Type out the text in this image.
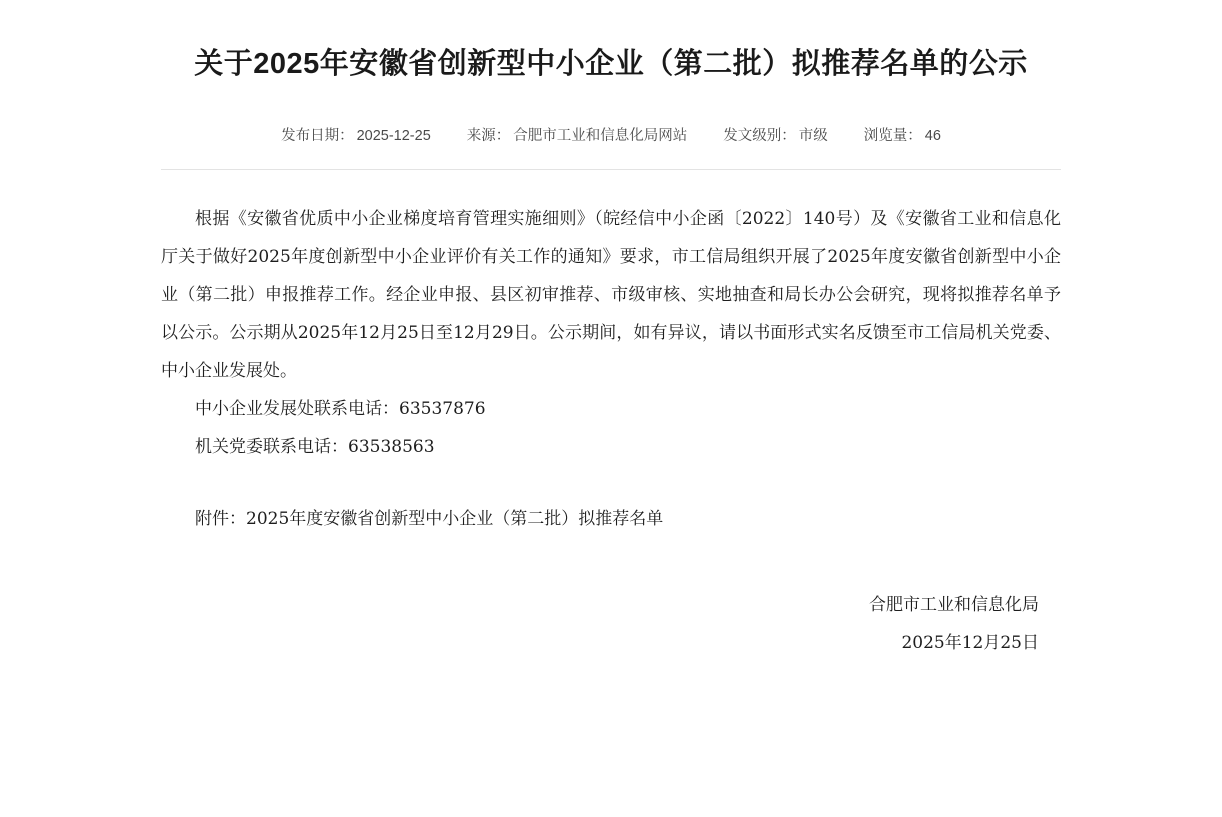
关于2025年安徽省创新型中小企业（第二批）拟推荐名单的公示
发布日期： 2025-12-25 来源： 合肥市工业和信息化局网站 发文级别： 市级 浏览量： 46

根据《安徽省优质中小企业梯度培育管理实施细则》（皖经信中小企函〔2022〕140号）及《安徽省工业和信息化厅关于做好2025年度创新型中小企业评价有关工作的通知》要求，市工信局组织开展了2025年度安徽省创新型中小企业（第二批）申报推荐工作。经企业申报、县区初审推荐、市级审核、实地抽查和局长办公会研究，现将拟推荐名单予以公示。公示期从2025年12月25日至12月29日。公示期间，如有异议，请以书面形式实名反馈至市工信局机关党委、中小企业发展处。

中小企业发展处联系电话：63537876

机关党委联系电话：63538563

附件：2025年度安徽省创新型中小企业（第二批）拟推荐名单

合肥市工业和信息化局
2025年12月25日
